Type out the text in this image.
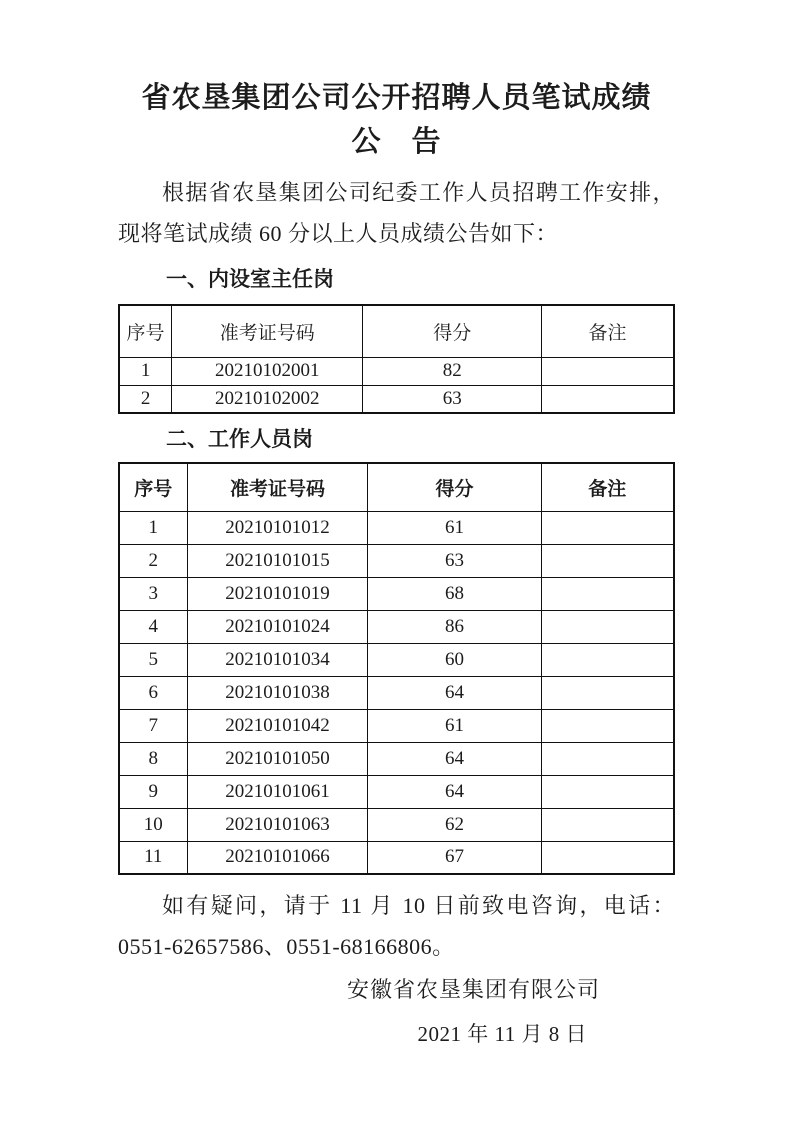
省农垦集团公司公开招聘人员笔试成绩
公　告

根据省农垦集团公司纪委工作人员招聘工作安排，现将笔试成绩 60 分以上人员成绩公告如下：

一、内设室主任岗
序号	准考证号码	得分	备注
1	20210102001	82	
2	20210102002	63	
二、工作人员岗
序号	准考证号码	得分	备注
1	20210101012	61	
2	20210101015	63	
3	20210101019	68	
4	20210101024	86	
5	20210101034	60	
6	20210101038	64	
7	20210101042	61	
8	20210101050	64	
9	20210101061	64	
10	20210101063	62	
11	20210101066	67	

如有疑问，请于 11 月 10 日前致电咨询，电话：0551-62657586、0551-68166806。

安徽省农垦集团有限公司
2021 年 11 月 8 日
